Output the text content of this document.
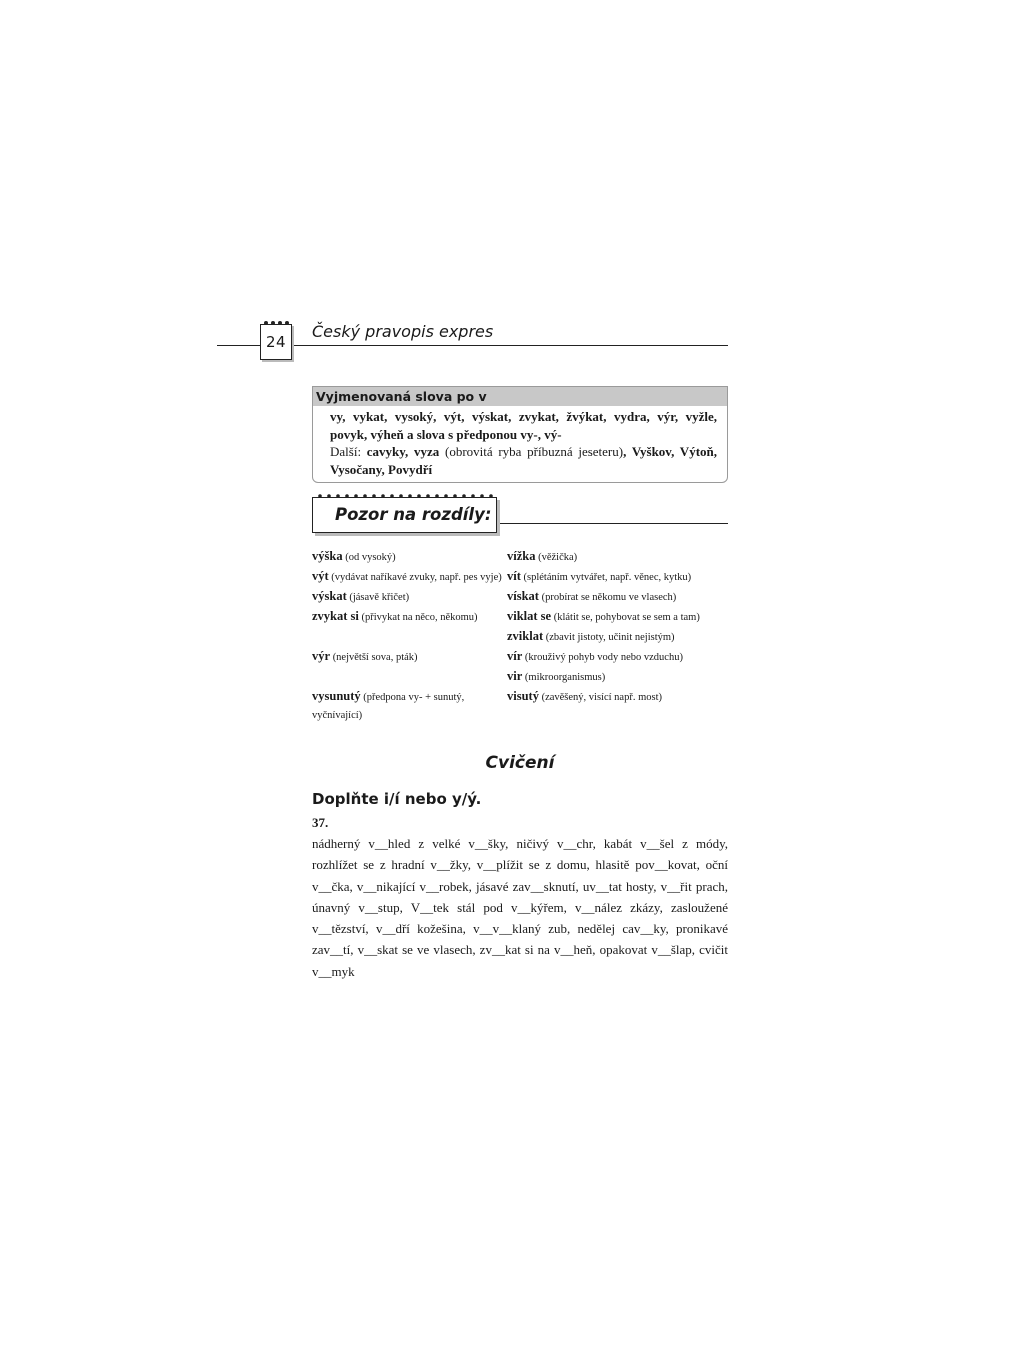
24
Český pravopis expres
Vyjmenovaná slova po v
vy, vykat, vysoký, výt, výskat, zvykat, žvýkat, vydra, výr, vyžle, povyk, výheň a slova s předponou vy-, vý-
Další: cavyky, vyza (obrovitá ryba příbuzná jeseteru), Vyškov, Výtoň, Vysočany, Povydří
Pozor na rozdíly:
výška (od vysoký)	vížka (věžička)
výt (vydávat naříkavé zvuky, např. pes vyje)	vít (splétáním vytvářet, např. věnec, kytku)
výskat (jásavě křičet)	vískat (probírat se někomu ve vlasech)
zvykat si (přivykat na něco, někomu)	viklat se (klátit se, pohybovat se sem a tam)
	zviklat (zbavit jistoty, učinit nejistým)
výr (největší sova, pták)	vír (krouživý pohyb vody nebo vzduchu)
	vir (mikroorganismus)
vysunutý (předpona vy- + sunutý, vyčnívající)	visutý (zavěšený, visící např. most)
Cvičení
Doplňte i/í nebo y/ý.
37.
nádherný v__hled z velké v__šky, ničivý v__chr, kabát v__šel z módy, rozhlížet se z hradní v__žky, v__plížit se z domu, hlasitě pov__kovat, oční v__čka, v__nikající v__robek, jásavé zav__sknutí, uv__tat hosty, v__řit prach, únavný v__stup, V__tek stál pod v__kýřem, v__nález zkázy, zasloužené v__tězství, v__dří kožešina, v__v__klaný zub, nedělej cav__ky, pronikavé zav__tí, v__skat se ve vlasech, zv__kat si na v__heň, opakovat v__šlap, cvičit v__myk
